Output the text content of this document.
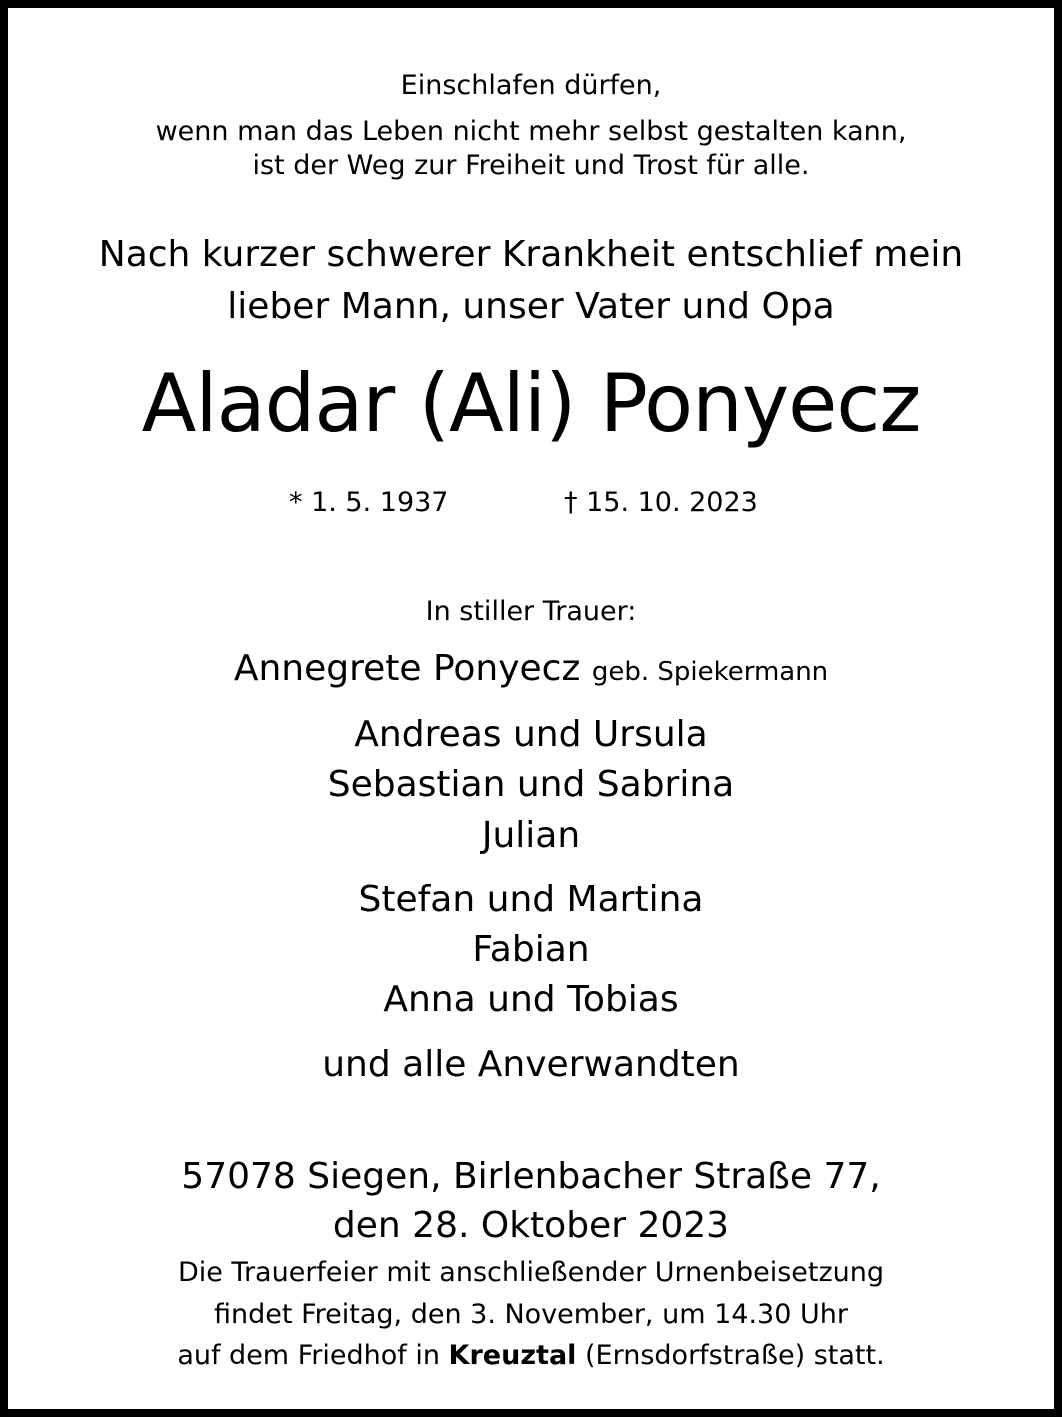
Einschlafen dürfen,

wenn man das Leben nicht mehr selbst gestalten kann,

ist der Weg zur Freiheit und Trost für alle.

Nach kurzer schwerer Krankheit entschlief mein

lieber Mann, unser Vater und Opa

Aladar (Ali) Ponyecz

* 1. 5. 1937	† 15. 10. 2023

In stiller Trauer:

Annegrete Ponyecz geb. Spiekermann

Andreas und Ursula

Sebastian und Sabrina

Julian

Stefan und Martina

Fabian

Anna und Tobias

und alle Anverwandten

57078 Siegen, Birlenbacher Straße 77,

den 28. Oktober 2023

Die Trauerfeier mit anschließender Urnenbeisetzung

findet Freitag, den 3. November, um 14.30 Uhr

auf dem Friedhof in Kreuztal (Ernsdorfstraße) statt.
